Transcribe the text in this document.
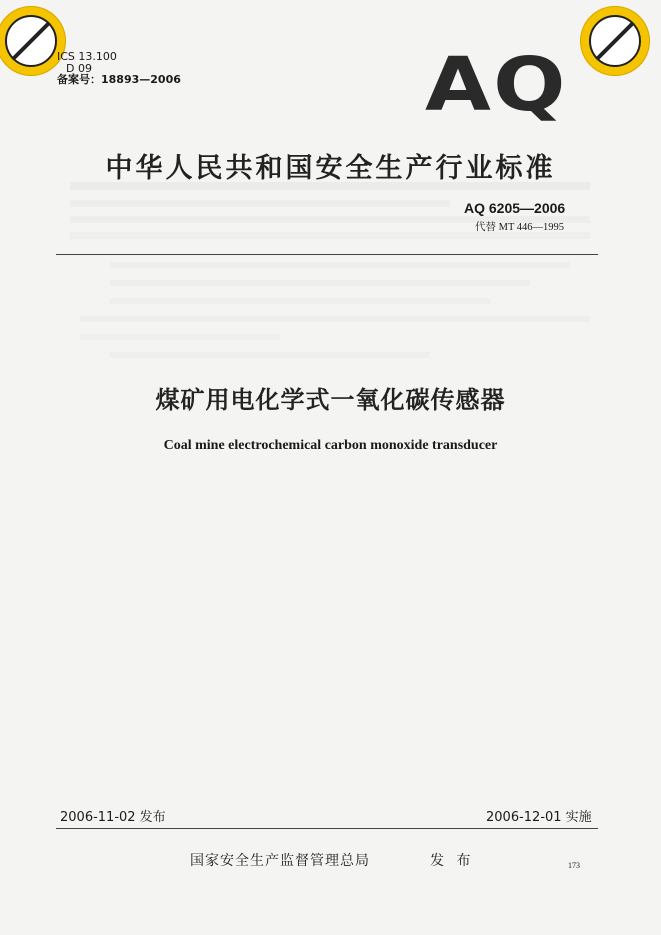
ICS 13.100
D 09
备案号：18893—2006	AQ
中华人民共和国安全生产行业标准
AQ 6205—2006
代替 MT 446—1995
煤矿用电化学式一氧化碳传感器
Coal mine electrochemical carbon monoxide transducer
2006-11-02 发布	2006-12-01 实施
国家安全生产监督管理总局	发 布	173
